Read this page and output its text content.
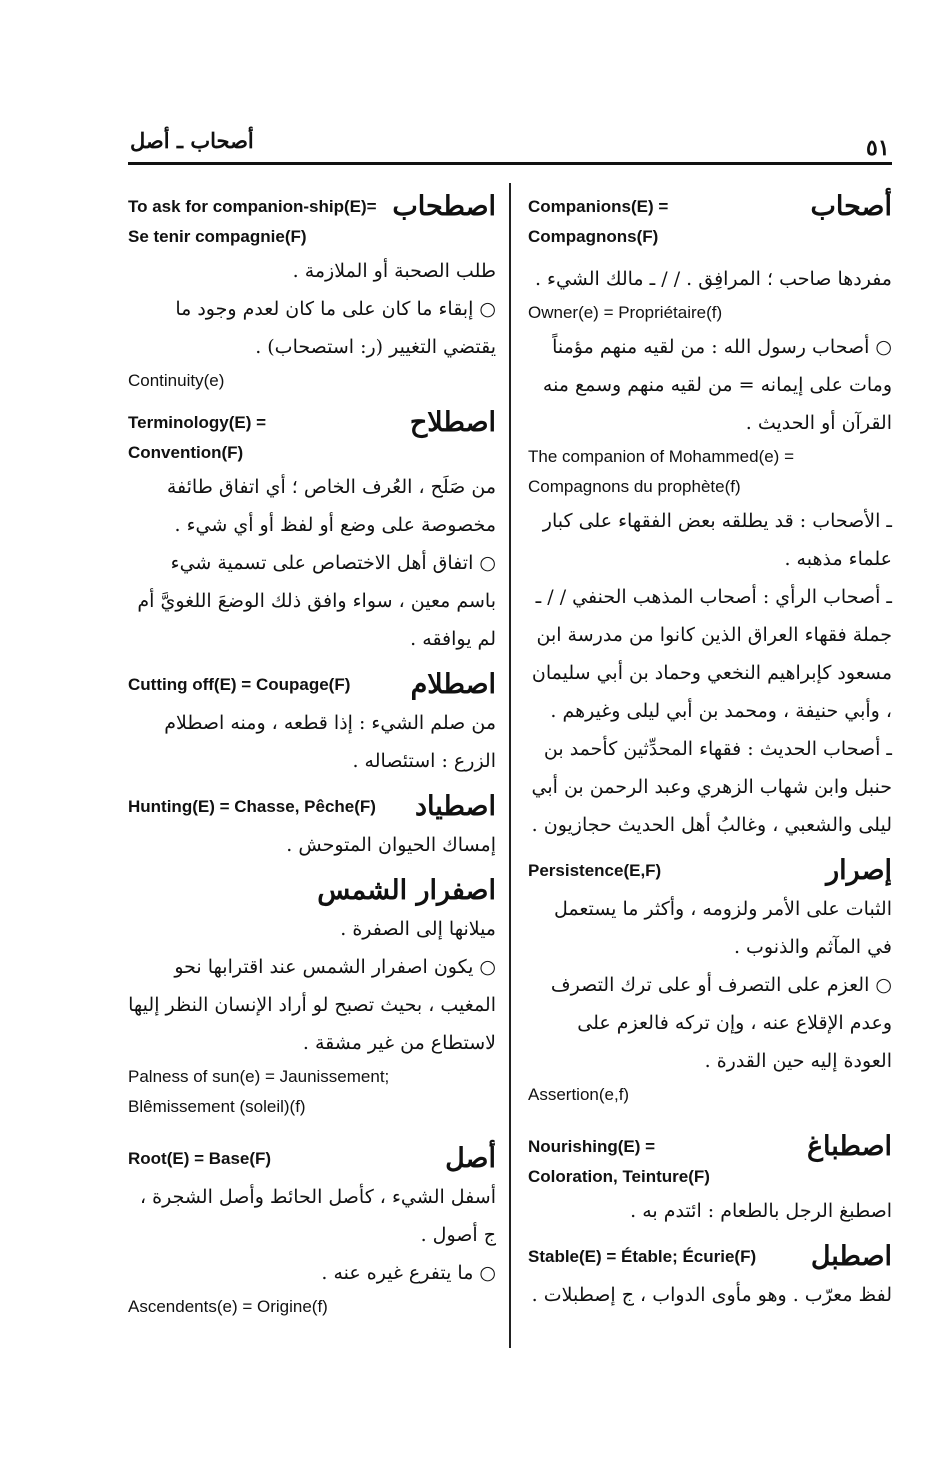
أصحاب ـ أصل	٥١
أصحاب
Companions(E) = Compagnons(F)
مفردها صاحب ؛ المرافِق . / / ـ مالك الشيء .
Owner(e) = Propriétaire(f)
○ أصحاب رسول الله : من لقيه منهم مؤمناً ومات على إيمانه = من لقيه منهم وسمع منه القرآن أو الحديث .
The companion of Mohammed(e) = Compagnons du prophète(f)
ـ الأصحاب : قد يطلقه بعض الفقهاء على كبار علماء مذهبه .
ـ أصحاب الرأي : أصحاب المذهب الحنفي / / ـ جملة فقهاء العراق الذين كانوا من مدرسة ابن مسعود كإبراهيم النخعي وحماد بن أبي سليمان ، وأبي حنيفة ، ومحمد بن أبي ليلى وغيرهم .
ـ أصحاب الحديث : فقهاء المحدِّثين كأحمد بن حنبل وابن شهاب الزهري وعبد الرحمن بن أبي ليلى والشعبي ، وغالبُ أهل الحديث حجازيون .
إصرار
Persistence(E,F)
الثبات على الأمر ولزومه ، وأكثر ما يستعمل في المآثم والذنوب .
○ العزم على التصرف أو على ترك التصرف وعدم الإقلاع عنه ، وإن تركه فالعزم على العودة إليه حين القدرة .
Assertion(e,f)
اصطباغ
Nourishing(E) = Coloration, Teinture(F)
اصطبغ الرجل بالطعام : ائتدم به .
اصطبل
Stable(E) = Étable; Écurie(F)
لفظ معرّب . وهو مأوى الدواب ، ج إصطبلات .
اصطحاب
To ask for companion-ship(E)= Se tenir compagnie(F)
طلب الصحبة أو الملازمة .
○ إبقاء ما كان على ما كان لعدم وجود ما يقتضي التغيير (ر: استصحاب) .
Continuity(e)
اصطلاح
Terminology(E) = Convention(F)
من صَلَح ، العُرف الخاص ؛ أي اتفاق طائفة مخصوصة على وضع أو لفظ أو أي شيء .
○ اتفاق أهل الاختصاص على تسمية شيء باسم معين ، سواء وافق ذلك الوضعَ اللغويَّ أم لم يوافقه .
اصطلام
Cutting off(E) = Coupage(F)
من صلم الشيء : إذا قطعه ، ومنه اصطلام الزرع : استئصاله .
اصطياد
Hunting(E) = Chasse, Pêche(F)
إمساك الحيوان المتوحش .
اصفرار الشمس
ميلانها إلى الصفرة .
○ يكون اصفرار الشمس عند اقترابها نحو المغيب ، بحيث تصبح لو أراد الإنسان النظر إليها لاستطاع من غير مشقة .
Palness of sun(e) = Jaunissement; Blêmissement (soleil)(f)
أصل
Root(E) = Base(F)
أسفل الشيء ، كأصل الحائط وأصل الشجرة ، ج أصول .
○ ما يتفرع غيره عنه .
Ascendents(e) = Origine(f)
